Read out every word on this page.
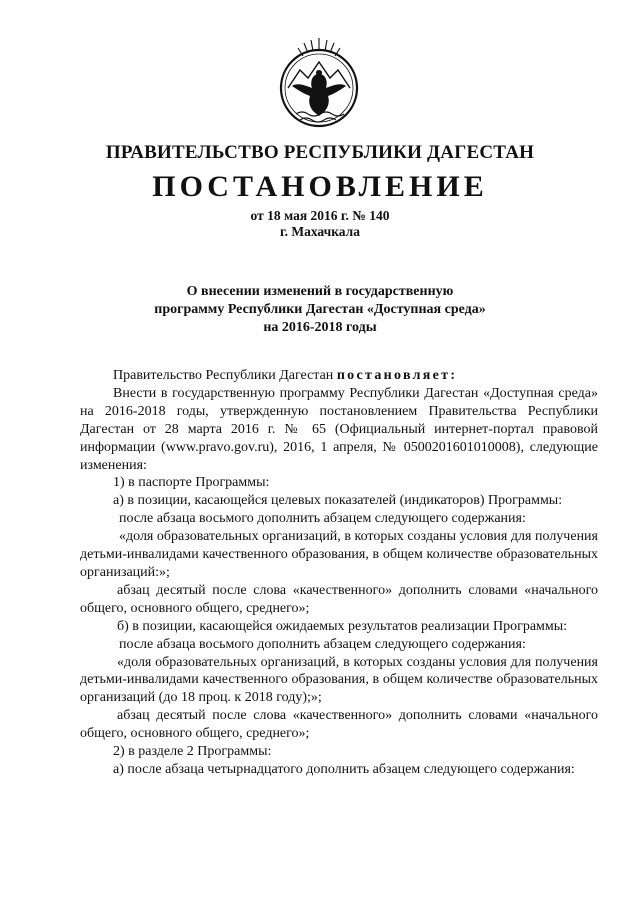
ПРАВИТЕЛЬСТВО РЕСПУБЛИКИ ДАГЕСТАН
ПОСТАНОВЛЕНИЕ
от 18 мая 2016 г. № 140
г. Махачкала
О внесении изменений в государственную
программу Республики Дагестан «Доступная среда»
на 2016-2018 годы

Правительство Республики Дагестан постановляет:

Внести в государственную программу Республики Дагестан «Доступная среда» на 2016-2018 годы, утвержденную постановлением Правительства Республики Дагестан от 28 марта 2016 г. № 65 (Официальный интернет-портал правовой информации (www.pravo.gov.ru), 2016, 1 апреля, № 0500201601010008), следующие изменения:

1) в паспорте Программы:

а) в позиции, касающейся целевых показателей (индикаторов) Программы:

после абзаца восьмого дополнить абзацем следующего содержания:

«доля образовательных организаций, в которых созданы условия для получения детьми-инвалидами качественного образования, в общем количестве образовательных организаций:»;

абзац десятый после слова «качественного» дополнить словами «начального общего, основного общего, среднего»;

б) в позиции, касающейся ожидаемых результатов реализации Программы:

после абзаца восьмого дополнить абзацем следующего содержания:

«доля образовательных организаций, в которых созданы условия для получения детьми-инвалидами качественного образования, в общем количестве образовательных организаций (до 18 проц. к 2018 году);»;

абзац десятый после слова «качественного» дополнить словами «начального общего, основного общего, среднего»;

2) в разделе 2 Программы:

а) после абзаца четырнадцатого дополнить абзацем следующего содержания:
